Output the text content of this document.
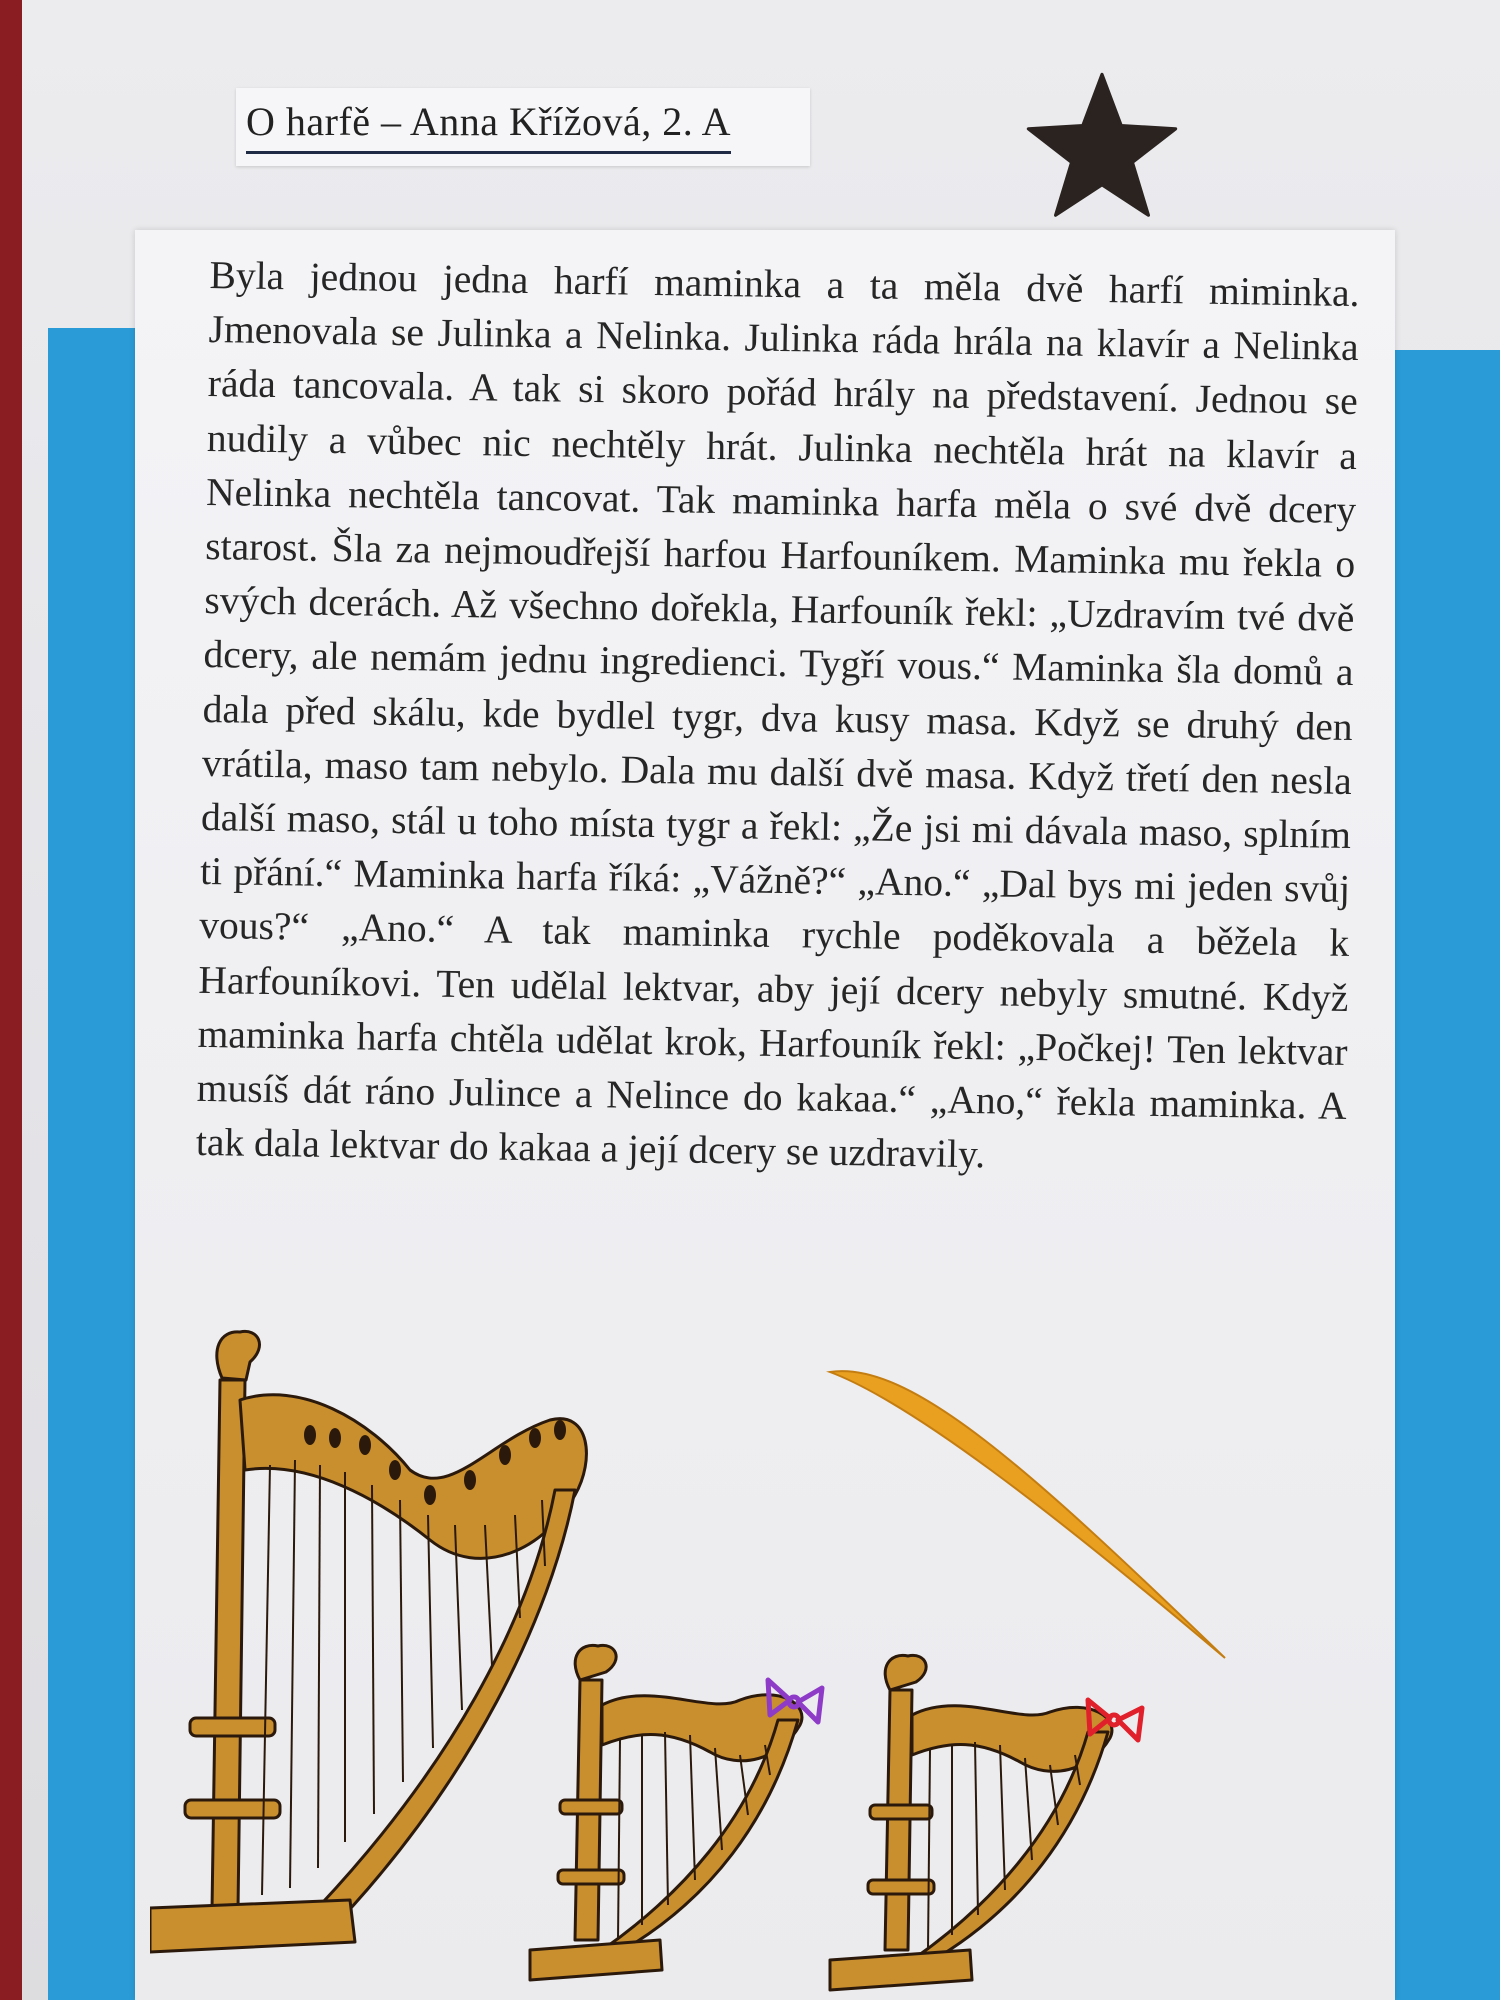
O harfě – Anna Křížová, 2. A

Byla jednou jedna harfí maminka a ta měla dvě harfí miminka. Jmenovala se Julinka a Nelinka. Julinka ráda hrála na klavír a Nelinka ráda tancovala. A tak si skoro pořád hrály na představení. Jednou se nudily a vůbec nic nechtěly hrát. Julinka nechtěla hrát na klavír a Nelinka nechtěla tancovat. Tak maminka harfa měla o své dvě dcery starost. Šla za nejmoudřejší harfou Harfouníkem. Maminka mu řekla o svých dcerách. Až všechno dořekla, Harfouník řekl: „Uzdravím tvé dvě dcery, ale nemám jednu ingredienci. Tygří vous.“ Maminka šla domů a dala před skálu, kde bydlel tygr, dva kusy masa. Když se druhý den vrátila, maso tam nebylo. Dala mu další dvě masa. Když třetí den nesla další maso, stál u toho místa tygr a řekl: „Že jsi mi dávala maso, splním ti přání.“ Maminka harfa říká: „Vážně?“ „Ano.“ „Dal bys mi jeden svůj vous?“ „Ano.“ A tak maminka rychle poděkovala a běžela k Harfouníkovi. Ten udělal lektvar, aby její dcery nebyly smutné. Když maminka harfa chtěla udělat krok, Harfouník řekl: „Počkej! Ten lektvar musíš dát ráno Julince a Nelince do kakaa.“ „Ano,“ řekla maminka. A tak dala lektvar do kakaa a její dcery se uzdravily.
